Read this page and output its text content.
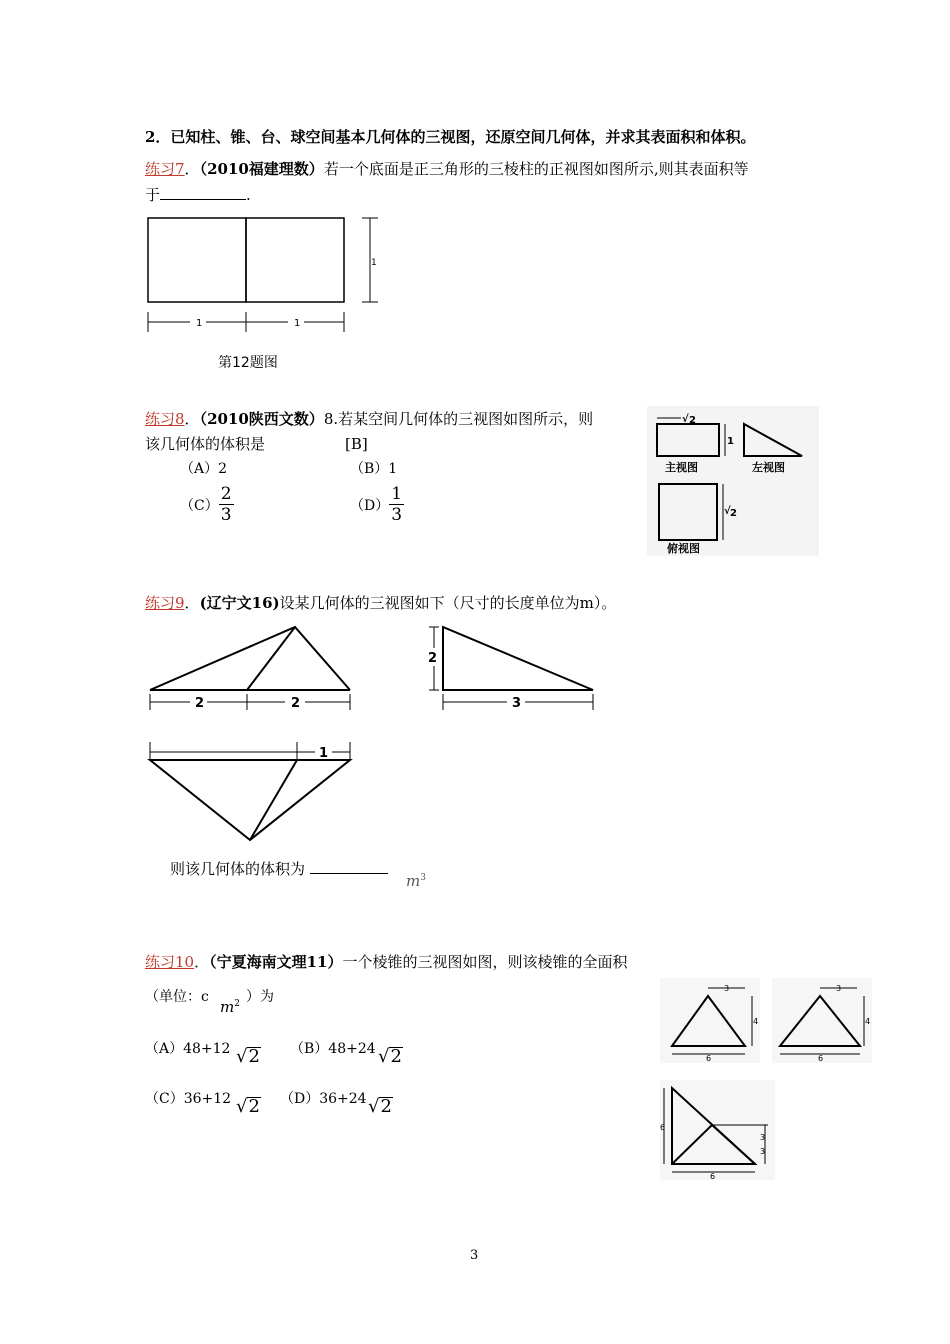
2．已知柱、锥、台、球空间基本几何体的三视图，还原空间几何体，并求其表面积和体积。
练习7．（2010福建理数）若一个底面是正三角形的三棱柱的正视图如图所示,则其表面积等
于	.
1
1	1
第12题图
练习8．（2010陕西文数）8.若某空间几何体的三视图如图所示，则
该几何体的体积是	[B]
（A）2	（B）1
$(C) \frac{2}{3}$	$(D) \frac{1}{3}$
√ 2
1
主视图	左视图
√ 2
俯视图
练习9．(辽宁文16)设某几何体的三视图如下（尺寸的长度单位为m）。
2	2
2
3
1
则该几何体的体积为
$m^3$
练习10．（宁夏海南文理11）一个棱锥的三视图如图，则该棱锥的全面积
（单位：c
$m^2$ ）为
（A）48+12 √2 （B）48+24 √2
（C）36+12 √2 （D）36+24 √2
3
4
6
3
4
6
6
3
3
6
3
